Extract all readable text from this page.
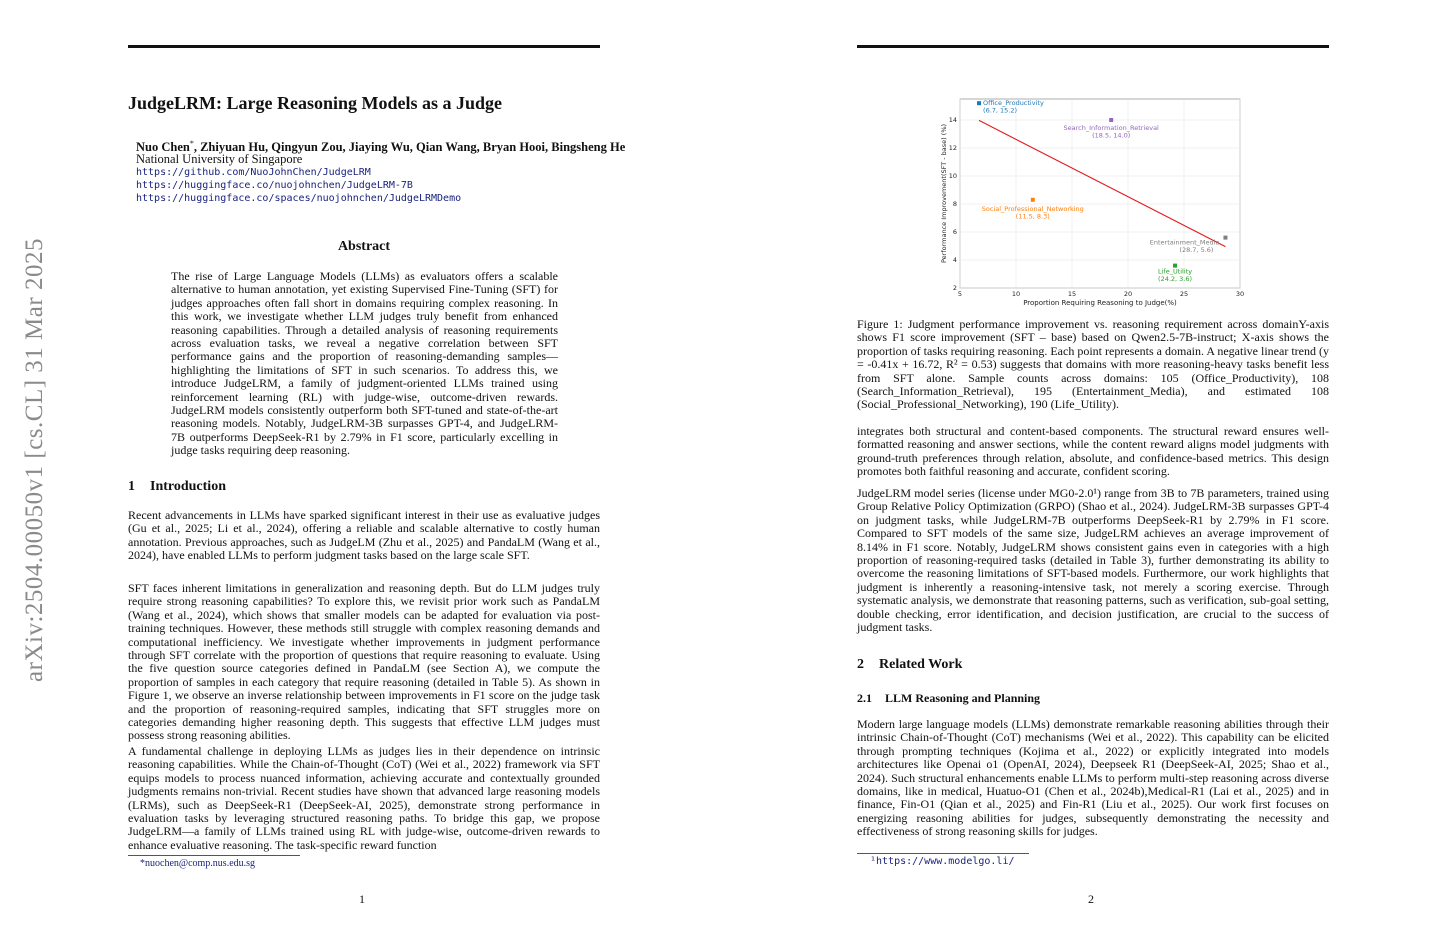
arXiv:2504.00050v1 [cs.CL] 31 Mar 2025
JudgeLRM: Large Reasoning Models as a Judge
Nuo Chen*, Zhiyuan Hu, Qingyun Zou, Jiaying Wu, Qian Wang, Bryan Hooi, Bingsheng He
National University of Singapore
https://github.com/NuoJohnChen/JudgeLRM
https://huggingface.co/nuojohnchen/JudgeLRM-7B
https://huggingface.co/spaces/nuojohnchen/JudgeLRMDemo
Abstract
The rise of Large Language Models (LLMs) as evaluators offers a scalable alternative to human annotation, yet existing Supervised Fine-Tuning (SFT) for judges approaches often fall short in domains requiring complex reasoning. In this work, we investigate whether LLM judges truly benefit from enhanced reasoning capabilities. Through a detailed analysis of reasoning requirements across evaluation tasks, we reveal a negative correlation between SFT performance gains and the proportion of reasoning-demanding samples—highlighting the limitations of SFT in such scenarios. To address this, we introduce JudgeLRM, a family of judgment-oriented LLMs trained using reinforcement learning (RL) with judge-wise, outcome-driven rewards. JudgeLRM models consistently outperform both SFT-tuned and state-of-the-art reasoning models. Notably, JudgeLRM-3B surpasses GPT-4, and JudgeLRM-7B outperforms DeepSeek-R1 by 2.79% in F1 score, particularly excelling in judge tasks requiring deep reasoning.
1 Introduction
Recent advancements in LLMs have sparked significant interest in their use as evaluative judges (Gu et al., 2025; Li et al., 2024), offering a reliable and scalable alternative to costly human annotation. Previous approaches, such as JudgeLM (Zhu et al., 2025) and PandaLM (Wang et al., 2024), have enabled LLMs to perform judgment tasks based on the large scale SFT.
SFT faces inherent limitations in generalization and reasoning depth. But do LLM judges truly require strong reasoning capabilities? To explore this, we revisit prior work such as PandaLM (Wang et al., 2024), which shows that smaller models can be adapted for evaluation via post-training techniques. However, these methods still struggle with complex reasoning demands and computational inefficiency. We investigate whether improvements in judgment performance through SFT correlate with the proportion of questions that require reasoning to evaluate. Using the five question source categories defined in PandaLM (see Section A), we compute the proportion of samples in each category that require reasoning (detailed in Table 5). As shown in Figure 1, we observe an inverse relationship between improvements in F1 score on the judge task and the proportion of reasoning-required samples, indicating that SFT struggles more on categories demanding higher reasoning depth. This suggests that effective LLM judges must possess strong reasoning abilities.
A fundamental challenge in deploying LLMs as judges lies in their dependence on intrinsic reasoning capabilities. While the Chain-of-Thought (CoT) (Wei et al., 2022) framework via SFT equips models to process nuanced information, achieving accurate and contextually grounded judgments remains non-trivial. Recent studies have shown that advanced large reasoning models (LRMs), such as DeepSeek-R1 (DeepSeek-AI, 2025), demonstrate strong performance in evaluation tasks by leveraging structured reasoning paths. To bridge this gap, we propose JudgeLRM—a family of LLMs trained using RL with judge-wise, outcome-driven rewards to enhance evaluative reasoning. The task-specific reward function
*nuochen@comp.nus.edu.sg
1
5	10	15	20	25	30
2
4
6
8
10
12
14
Proportion Requiring Reasoning to Judge(%)
Performance Improvement(SFT - base) (%)
Office_Productivity
(6.7, 15.2)
Search_Information_Retrieval
(18.5, 14.0)
Social_Professional_Networking
(11.5, 8.3)
Entertainment_Media
(28.7, 5.6)
Life_Utility
(24.2, 3.6)
Figure 1: Judgment performance improvement vs. reasoning requirement across domainY-axis shows F1 score improvement (SFT – base) based on Qwen2.5-7B-instruct; X-axis shows the proportion of tasks requiring reasoning. Each point represents a domain. A negative linear trend (y = -0.41x + 16.72, R² = 0.53) suggests that domains with more reasoning-heavy tasks benefit less from SFT alone. Sample counts across domains: 105 (Office_Productivity), 108 (Search_Information_Retrieval), 195 (Entertainment_Media), and estimated 108 (Social_Professional_Networking), 190 (Life_Utility).
integrates both structural and content-based components. The structural reward ensures well-formatted reasoning and answer sections, while the content reward aligns model judgments with ground-truth preferences through relation, absolute, and confidence-based metrics. This design promotes both faithful reasoning and accurate, confident scoring.
JudgeLRM model series (license under MG0-2.0¹) range from 3B to 7B parameters, trained using Group Relative Policy Optimization (GRPO) (Shao et al., 2024). JudgeLRM-3B surpasses GPT-4 on judgment tasks, while JudgeLRM-7B outperforms DeepSeek-R1 by 2.79% in F1 score. Compared to SFT models of the same size, JudgeLRM achieves an average improvement of 8.14% in F1 score. Notably, JudgeLRM shows consistent gains even in categories with a high proportion of reasoning-required tasks (detailed in Table 3), further demonstrating its ability to overcome the reasoning limitations of SFT-based models. Furthermore, our work highlights that judgment is inherently a reasoning-intensive task, not merely a scoring exercise. Through systematic analysis, we demonstrate that reasoning patterns, such as verification, sub-goal setting, double checking, error identification, and decision justification, are crucial to the success of judgment tasks.
2 Related Work
2.1 LLM Reasoning and Planning
Modern large language models (LLMs) demonstrate remarkable reasoning abilities through their intrinsic Chain-of-Thought (CoT) mechanisms (Wei et al., 2022). This capability can be elicited through prompting techniques (Kojima et al., 2022) or explicitly integrated into models architectures like Openai o1 (OpenAI, 2024), Deepseek R1 (DeepSeek-AI, 2025; Shao et al., 2024). Such structural enhancements enable LLMs to perform multi-step reasoning across diverse domains, like in medical, Huatuo-O1 (Chen et al., 2024b),Medical-R1 (Lai et al., 2025) and in finance, Fin-O1 (Qian et al., 2025) and Fin-R1 (Liu et al., 2025). Our work first focuses on energizing reasoning abilities for judges, subsequently demonstrating the necessity and effectiveness of strong reasoning skills for judges.
¹https://www.modelgo.li/
2
